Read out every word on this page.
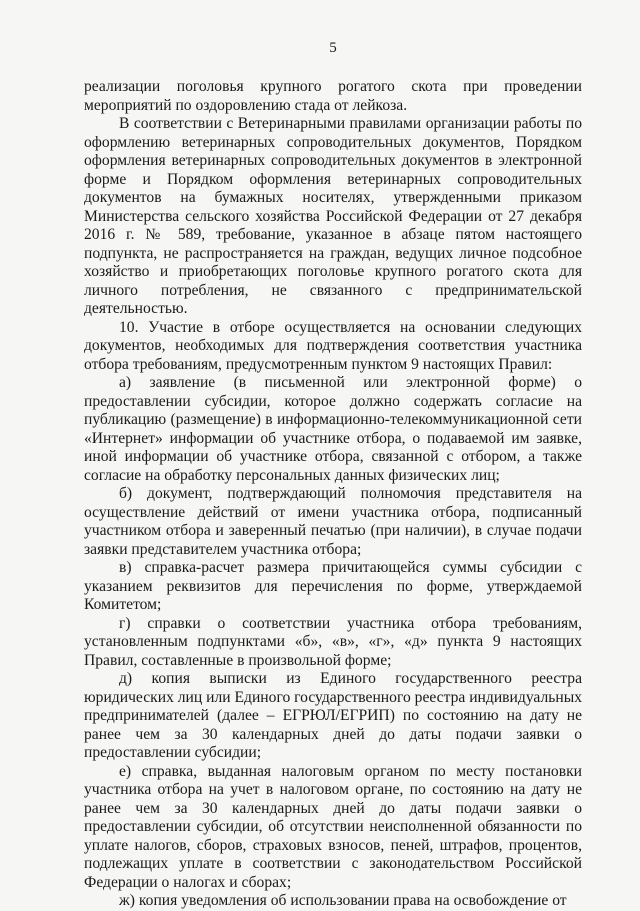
5

реализации поголовья крупного рогатого скота при проведении мероприятий по оздоровлению стада от лейкоза.

В соответствии с Ветеринарными правилами организации работы по оформлению ветеринарных сопроводительных документов, Порядком оформления ветеринарных сопроводительных документов в электронной форме и Порядком оформления ветеринарных сопроводительных документов на бумажных носителях, утвержденными приказом Министерства сельского хозяйства Российской Федерации от 27 декабря 2016 г. № 589, требование, указанное в абзаце пятом настоящего подпункта, не распространяется на граждан, ведущих личное подсобное хозяйство и приобретающих поголовье крупного рогатого скота для личного потребления, не связанного с предпринимательской деятельностью.

10. Участие в отборе осуществляется на основании следующих документов, необходимых для подтверждения соответствия участника отбора требованиям, предусмотренным пунктом 9 настоящих Правил:

а) заявление (в письменной или электронной форме) о предоставлении субсидии, которое должно содержать согласие на публикацию (размещение) в информационно-телекоммуникационной сети «Интернет» информации об участнике отбора, о подаваемой им заявке, иной информации об участнике отбора, связанной с отбором, а также согласие на обработку персональных данных физических лиц;

б) документ, подтверждающий полномочия представителя на осуществление действий от имени участника отбора, подписанный участником отбора и заверенный печатью (при наличии), в случае подачи заявки представителем участника отбора;

в) справка-расчет размера причитающейся суммы субсидии с указанием реквизитов для перечисления по форме, утверждаемой Комитетом;

г) справки о соответствии участника отбора требованиям, установленным подпунктами «б», «в», «г», «д» пункта 9 настоящих Правил, составленные в произвольной форме;

д) копия выписки из Единого государственного реестра юридических лиц или Единого государственного реестра индивидуальных предпринимателей (далее – ЕГРЮЛ/ЕГРИП) по состоянию на дату не ранее чем за 30 календарных дней до даты подачи заявки о предоставлении субсидии;

е) справка, выданная налоговым органом по месту постановки участника отбора на учет в налоговом органе, по состоянию на дату не ранее чем за 30 календарных дней до даты подачи заявки о предоставлении субсидии, об отсутствии неисполненной обязанности по уплате налогов, сборов, страховых взносов, пеней, штрафов, процентов, подлежащих уплате в соответствии с законодательством Российской Федерации о налогах и сборах;

ж) копия уведомления об использовании права на освобождение от
